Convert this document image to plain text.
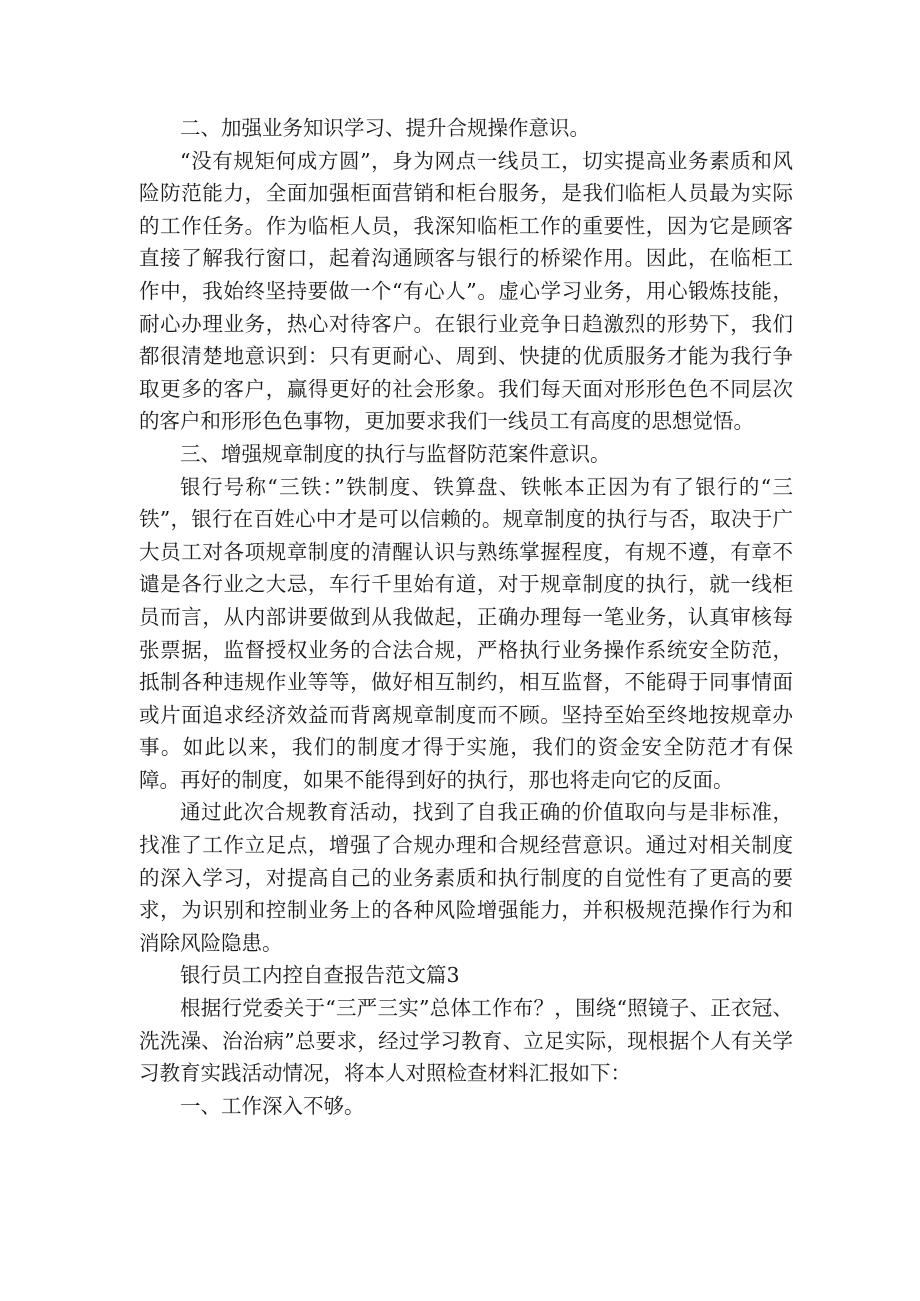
二、加强业务知识学习、提升合规操作意识。

“没有规矩何成方圆”，身为网点一线员工，切实提高业务素质和风险防范能力，全面加强柜面营销和柜台服务，是我们临柜人员最为实际的工作任务。作为临柜人员，我深知临柜工作的重要性，因为它是顾客直接了解我行窗口，起着沟通顾客与银行的桥梁作用。因此，在临柜工作中，我始终坚持要做一个“有心人”。虚心学习业务，用心锻炼技能，耐心办理业务，热心对待客户。在银行业竞争日趋激烈的形势下，我们都很清楚地意识到：只有更耐心、周到、快捷的优质服务才能为我行争取更多的客户，赢得更好的社会形象。我们每天面对形形色色不同层次的客户和形形色色事物，更加要求我们一线员工有高度的思想觉悟。

三、增强规章制度的执行与监督防范案件意识。

银行号称“三铁：”铁制度、铁算盘、铁帐本正因为有了银行的“三铁”，银行在百姓心中才是可以信赖的。规章制度的执行与否，取决于广大员工对各项规章制度的清醒认识与熟练掌握程度，有规不遵，有章不谴是各行业之大忌，车行千里始有道，对于规章制度的执行，就一线柜员而言，从内部讲要做到从我做起，正确办理每一笔业务，认真审核每张票据，监督授权业务的合法合规，严格执行业务操作系统安全防范，抵制各种违规作业等等，做好相互制约，相互监督，不能碍于同事情面或片面追求经济效益而背离规章制度而不顾。坚持至始至终地按规章办事。如此以来，我们的制度才得于实施，我们的资金安全防范才有保障。再好的制度，如果不能得到好的执行，那也将走向它的反面。

通过此次合规教育活动，找到了自我正确的价值取向与是非标准，找准了工作立足点，增强了合规办理和合规经营意识。通过对相关制度的深入学习，对提高自己的业务素质和执行制度的自觉性有了更高的要求，为识别和控制业务上的各种风险增强能力，并积极规范操作行为和消除风险隐患。

银行员工内控自查报告范文篇3

根据行党委关于“三严三实”总体工作布？，围绕“照镜子、正衣冠、洗洗澡、治治病”总要求，经过学习教育、立足实际，现根据个人有关学习教育实践活动情况，将本人对照检查材料汇报如下：

一、工作深入不够。
